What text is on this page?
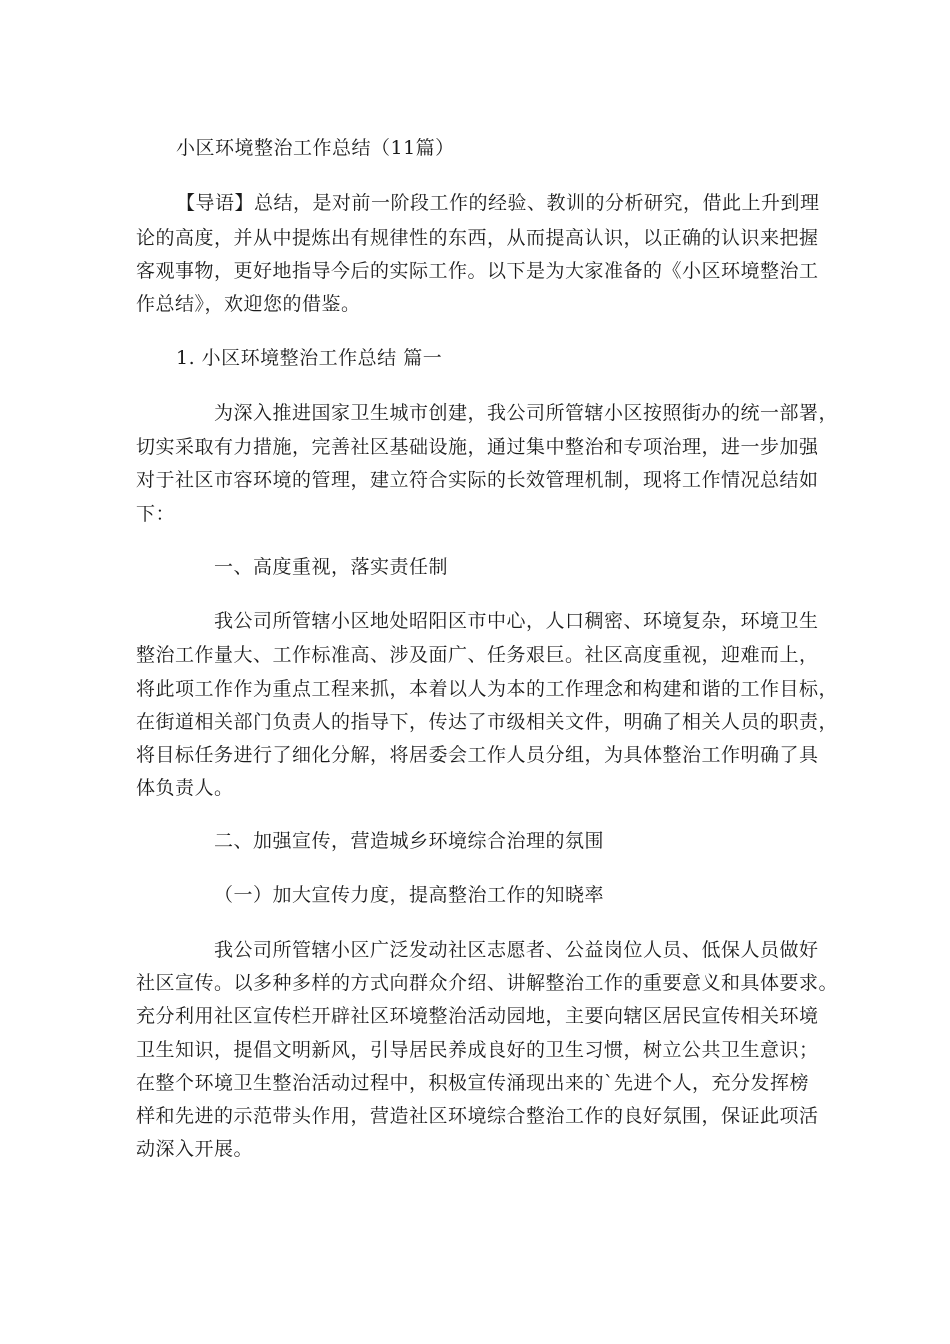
小区环境整治工作总结（11篇）
【导语】总结，是对前一阶段工作的经验、教训的分析研究，借此上升到理
论的高度，并从中提炼出有规律性的东西，从而提高认识，以正确的认识来把握
客观事物，更好地指导今后的实际工作。以下是为大家准备的《小区环境整治工
作总结》，欢迎您的借鉴。
1. 小区环境整治工作总结 篇一
为深入推进国家卫生城市创建，我公司所管辖小区按照街办的统一部署，
切实采取有力措施，完善社区基础设施，通过集中整治和专项治理，进一步加强
对于社区市容环境的管理，建立符合实际的长效管理机制，现将工作情况总结如
下：
一、高度重视，落实责任制
我公司所管辖小区地处昭阳区市中心，人口稠密、环境复杂，环境卫生
整治工作量大、工作标准高、涉及面广、任务艰巨。社区高度重视，迎难而上，
将此项工作作为重点工程来抓，本着以人为本的工作理念和构建和谐的工作目标，
在街道相关部门负责人的指导下，传达了市级相关文件，明确了相关人员的职责，
将目标任务进行了细化分解，将居委会工作人员分组，为具体整治工作明确了具
体负责人。
二、加强宣传，营造城乡环境综合治理的氛围
（一）加大宣传力度，提高整治工作的知晓率
我公司所管辖小区广泛发动社区志愿者、公益岗位人员、低保人员做好
社区宣传。以多种多样的方式向群众介绍、讲解整治工作的重要意义和具体要求。
充分利用社区宣传栏开辟社区环境整治活动园地，主要向辖区居民宣传相关环境
卫生知识，提倡文明新风，引导居民养成良好的卫生习惯，树立公共卫生意识；
在整个环境卫生整治活动过程中，积极宣传涌现出来的`先进个人，充分发挥榜
样和先进的示范带头作用，营造社区环境综合整治工作的良好氛围，保证此项活
动深入开展。
